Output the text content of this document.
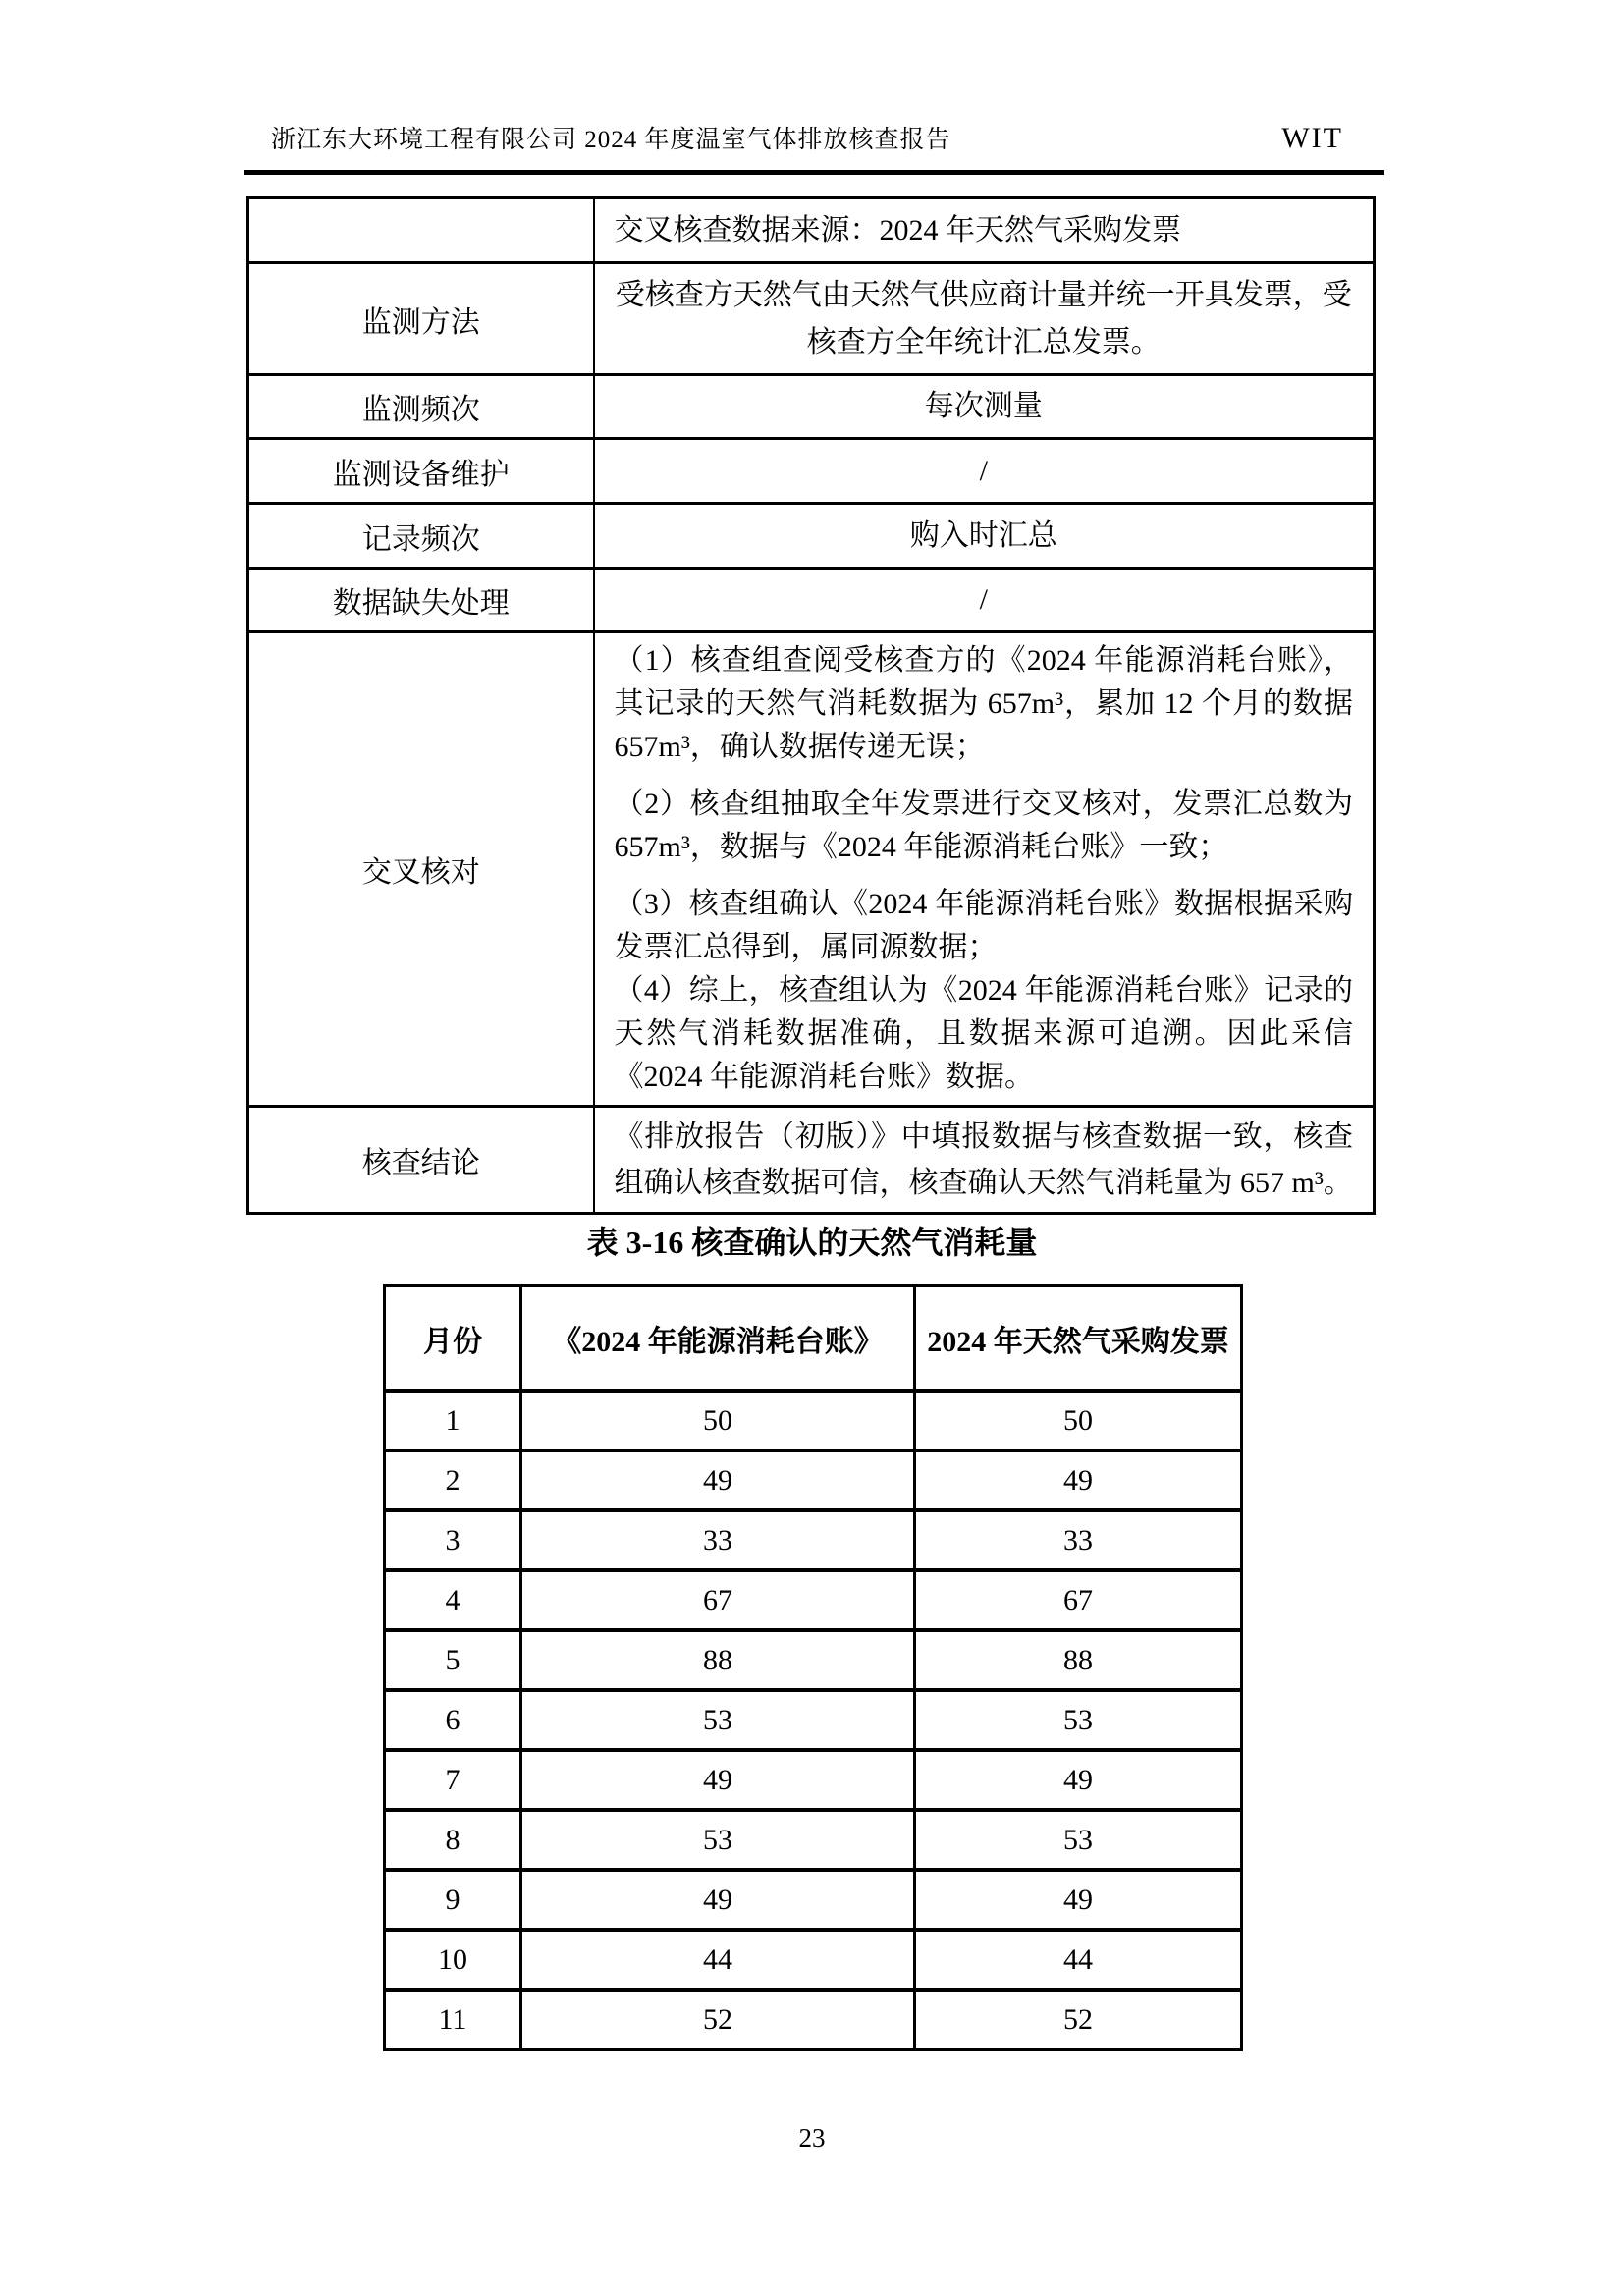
浙江东大环境工程有限公司 2024 年度温室气体排放核查报告	WIT
	交叉核查数据来源：2024 年天然气采购发票
监测方法	受核查方天然气由天然气供应商计量并统一开具发票，受核查方全年统计汇总发票。
监测频次	每次测量
监测设备维护	/
记录频次	购入时汇总
数据缺失处理	/
交叉核对	（1）核查组查阅受核查方的《2024 年能源消耗台账》，其记录的天然气消耗数据为 657m³，累加 12 个月的数据 657m³，确认数据传递无误；

（2）核查组抽取全年发票进行交叉核对，发票汇总数为 657m³，数据与《2024 年能源消耗台账》一致；

（3）核查组确认《2024 年能源消耗台账》数据根据采购发票汇总得到，属同源数据；

（4）综上，核查组认为《2024 年能源消耗台账》记录的天然气消耗数据准确，且数据来源可追溯。因此采信《2024 年能源消耗台账》数据。

核查结论	《排放报告（初版）》中填报数据与核查数据一致，核查组确认核查数据可信，核查确认天然气消耗量为 657 m³。
表 3-16 核查确认的天然气消耗量
月份	《2024 年能源消耗台账》	2024 年天然气采购发票
1	50	50
2	49	49
3	33	33
4	67	67
5	88	88
6	53	53
7	49	49
8	53	53
9	49	49
10	44	44
11	52	52
23
